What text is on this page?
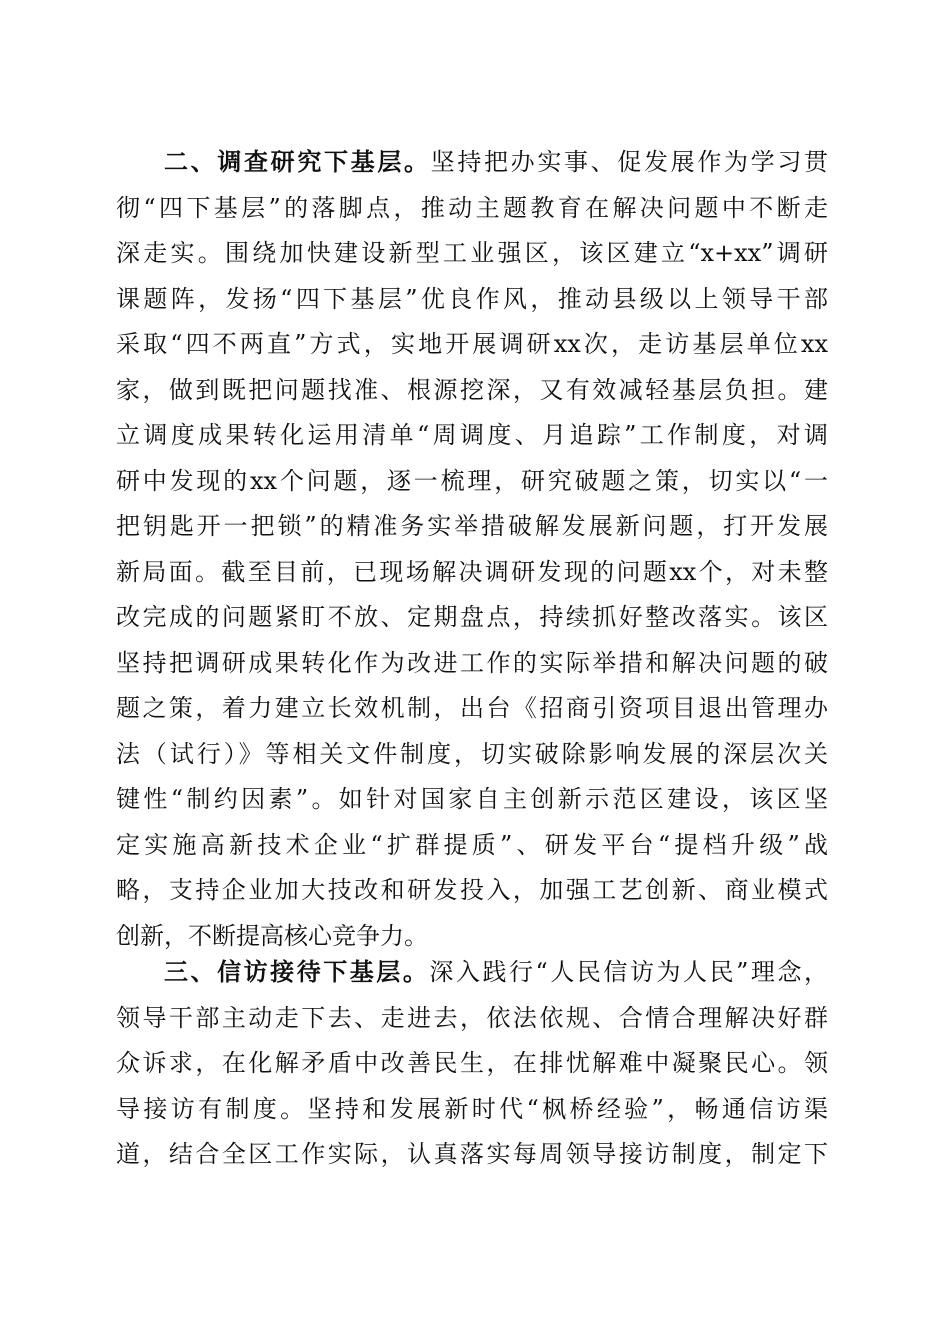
二、调查研究下基层。坚持把办实事、促发展作为学习贯
彻“四下基层”的落脚点，推动主题教育在解决问题中不断走
深走实。围绕加快建设新型工业强区，该区建立“x+xx”调研
课题阵，发扬“四下基层”优良作风，推动县级以上领导干部
采取“四不两直”方式，实地开展调研xx次，走访基层单位xx
家，做到既把问题找准、根源挖深，又有效减轻基层负担。建
立调度成果转化运用清单“周调度、月追踪”工作制度，对调
研中发现的xx个问题，逐一梳理，研究破题之策，切实以“一
把钥匙开一把锁”的精准务实举措破解发展新问题，打开发展
新局面。截至目前，已现场解决调研发现的问题xx个，对未整
改完成的问题紧盯不放、定期盘点，持续抓好整改落实。该区
坚持把调研成果转化作为改进工作的实际举措和解决问题的破
题之策，着力建立长效机制，出台《招商引资项目退出管理办
法（试行）》等相关文件制度，切实破除影响发展的深层次关
键性“制约因素”。如针对国家自主创新示范区建设，该区坚
定实施高新技术企业“扩群提质”、研发平台“提档升级”战
略，支持企业加大技改和研发投入，加强工艺创新、商业模式
创新，不断提高核心竞争力。
三、信访接待下基层。深入践行“人民信访为人民”理念，
领导干部主动走下去、走进去，依法依规、合情合理解决好群
众诉求，在化解矛盾中改善民生，在排忧解难中凝聚民心。领
导接访有制度。坚持和发展新时代“枫桥经验”，畅通信访渠
道，结合全区工作实际，认真落实每周领导接访制度，制定下
